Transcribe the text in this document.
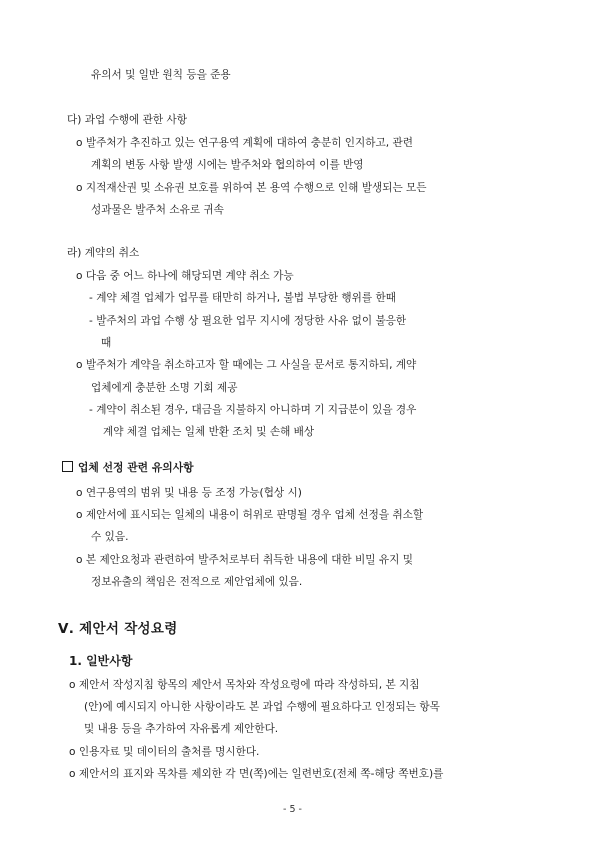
유의서 및 일반 원칙 등을 준용
다) 과업 수행에 관한 사항
o 발주처가 추진하고 있는 연구용역 계획에 대하여 충분히 인지하고, 관련
계획의 변동 사항 발생 시에는 발주처와 협의하여 이를 반영
o 지적재산권 및 소유권 보호를 위하여 본 용역 수행으로 인해 발생되는 모든
성과물은 발주처 소유로 귀속
라) 계약의 취소
o 다음 중 어느 하나에 해당되면 계약 취소 가능
- 계약 체결 업체가 업무를 태만히 하거나, 불법 부당한 행위를 한때
- 발주처의 과업 수행 상 필요한 업무 지시에 정당한 사유 없이 불응한
때
o 발주처가 계약을 취소하고자 할 때에는 그 사실을 문서로 통지하되, 계약
업체에게 충분한 소명 기회 제공
- 계약이 취소된 경우, 대금을 지불하지 아니하며 기 지급분이 있을 경우
계약 체결 업체는 일체 반환 조치 및 손해 배상
업체 선정 관련 유의사항
o 연구용역의 범위 및 내용 등 조정 가능(협상 시)
o 제안서에 표시되는 일체의 내용이 허위로 판명될 경우 업체 선정을 취소할
수 있음.
o 본 제안요청과 관련하여 발주처로부터 취득한 내용에 대한 비밀 유지 및
정보유출의 책임은 전적으로 제안업체에 있음.
Ⅴ. 제안서 작성요령
1. 일반사항
o 제안서 작성지침 항목의 제안서 목차와 작성요령에 따라 작성하되, 본 지침
(안)에 예시되지 아니한 사항이라도 본 과업 수행에 필요하다고 인정되는 항목
및 내용 등을 추가하여 자유롭게 제안한다.
o 인용자료 및 데이터의 출처를 명시한다.
o 제안서의 표지와 목차를 제외한 각 면(쪽)에는 일련번호(전체 쪽-해당 쪽번호)를
- 5 -
